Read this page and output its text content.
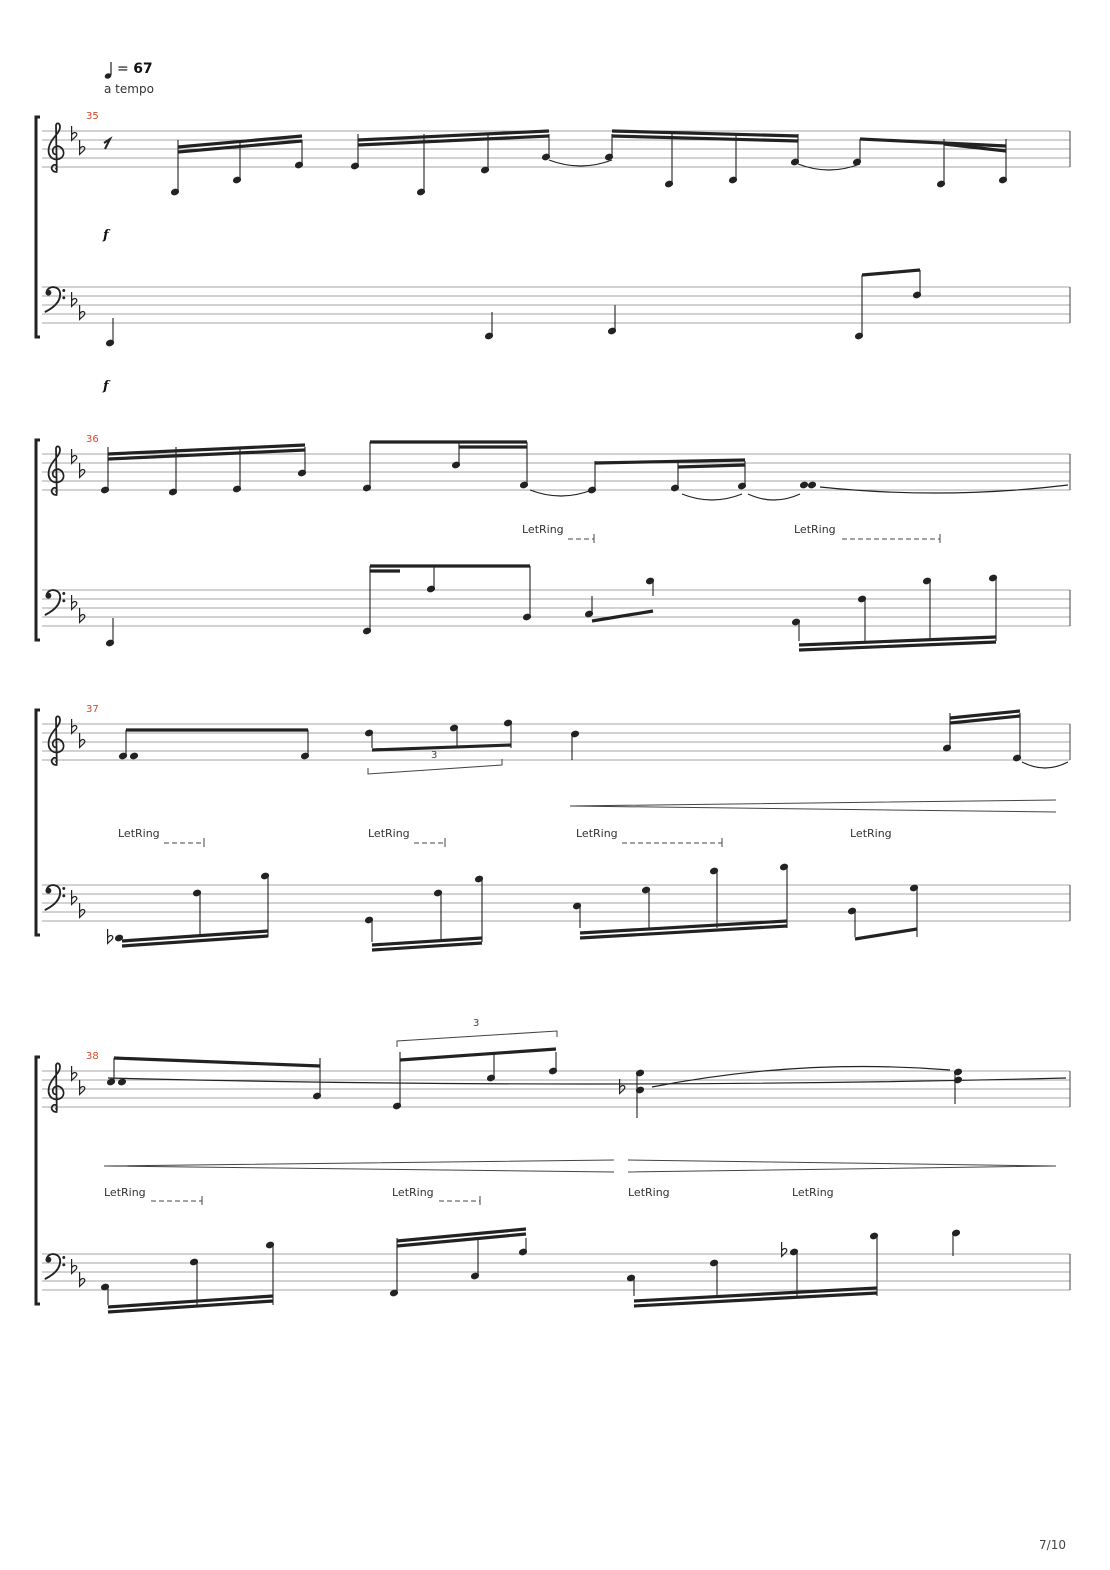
= 67
a tempo
35
36
37
38
f
f
LetRing	LetRing
LetRing	LetRing	LetRing	LetRing
LetRing	LetRing	LetRing	LetRing
3
3
7/10
